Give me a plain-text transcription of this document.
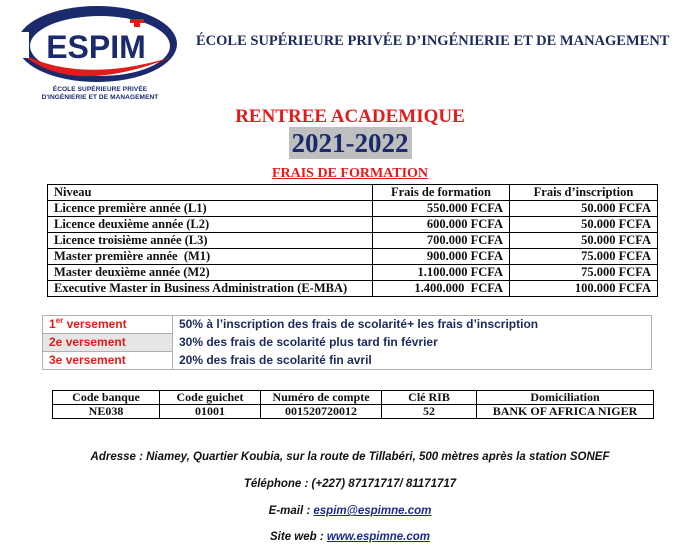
ESPIM
ÉCOLE SUPÉRIEURE PRIVÉE
D'INGÉNIERIE ET DE MANAGEMENT
ÉCOLE SUPÉRIEURE PRIVÉE D’INGÉNIERIE ET DE MANAGEMENT
RENTREE ACADEMIQUE
2021-2022
FRAIS DE FORMATION
Niveau	Frais de formation	Frais d’inscription
Licence première année (L1)	550.000 FCFA	50.000 FCFA
Licence deuxième année (L2)	600.000 FCFA	50.000 FCFA
Licence troisième année (L3)	700.000 FCFA	50.000 FCFA
Master première année  (M1)	900.000 FCFA	75.000 FCFA
Master deuxième année (M2)	1.100.000 FCFA	75.000 FCFA
Executive Master in Business Administration (E-MBA)	1.400.000  FCFA	100.000 FCFA
1er versement	50% à l’inscription des frais de scolarité+ les frais d’inscription
2e versement	30% des frais de scolarité plus tard fin février
3e versement	20% des frais de scolarité fin avril
Code banque	Code guichet	Numéro de compte	Clé RIB	Domiciliation
NE038	01001	001520720012	52	BANK OF AFRICA NIGER
Adresse : Niamey, Quartier Koubia, sur la route de Tillabéri, 500 mètres après la station SONEF
Téléphone : (+227) 87171717/ 81171717
E-mail : espim@espimne.com
Site web : www.espimne.com
